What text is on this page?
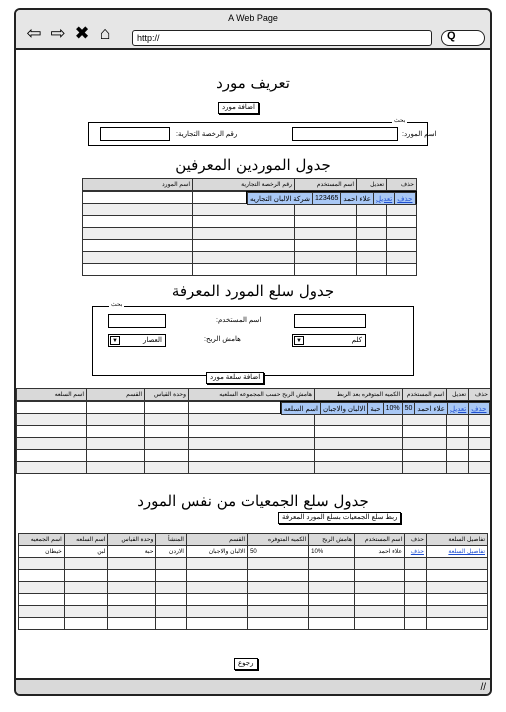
A Web Page
⇦ ⇨ ✖ ⌂	http://	Q
تعريف مورد
اضافة مورد
بحث
اسم المورد:
رقم الرخصة التجارية:
جدول الموردين المعرفين
حذف	تعديل	اسم المستخدم	رقم الرخصة التجارية	اسم المورد

حذف	تعديل	علاء احمد	123465	شركة الالبان التجاريه

جدول سلع المورد المعرفة
بحث
اسم المستخدم:
كلم
▼
هامش الربح:
العصار
▼
اضافة سلعة مورد
حذف	تعديل	اسم المستخدم	الكميه المتوفره بعد الربط	هامش الربح حسب المجموعه السلعيه	وحدة القياس	القسم	اسم السلعه

حذف	تعديل	علاء احمد	50	10%	حبة	الالبان والاجبان	اسم السلعه

جدول سلع الجمعيات من نفس المورد
ربط سلع الجمعيات بسلع المورد المعرفة
تفاصيل السلعة	حذف	اسم المستخدم	هامش الربح	الكميه المتوفره	القسم	المنشأ	وحدة القياس	اسم السلعه	اسم الجمعيه
تفاصيل السلعة	حذف	علاء احمد	10%	50	الالبان والاجبان	الاردن	حبة	لبن	خيطان

رجوع
//
